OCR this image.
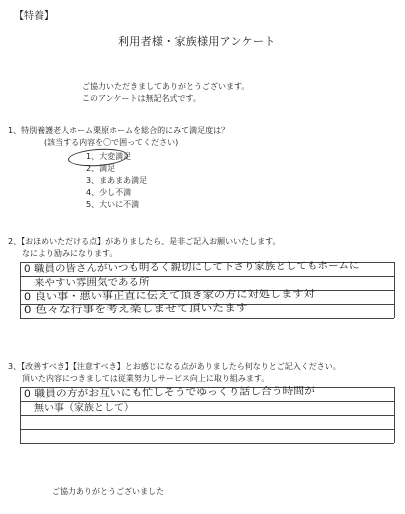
【特養】
利用者様・家族様用アンケート
ご協力いただきましてありがとうございます。
このアンケートは無記名式です。
1、特別養護老人ホーム栗原ホームを総合的にみて満足度は？
(該当する内容を〇で囲ってください)
1、大変満足
2、満足
3、まあまあ満足
4、少し不満
5、大いに不満
2、【おほめいただける点】がありましたら、是非ご記入お願いいたします。
なにより励みになります。
0 職員の皆さんがいつも明るく親切にして下さり家族としてもホームに
来やすい雰囲気である所
0 良い事・悪い事正直に伝えて頂き家の方に対処します対
0 色々な行事を考え楽しませて頂いたます
3、【改善すべき】【注意すべき】とお感じになる点がありましたら何なりとご記入ください。
頂いた内容につきましては従業努力しサービス向上に取り組みます。
0 職員の方がお互いにも忙しそうでゆっくり話し合う時間が
無い事（家族として）
ご協力ありがとうございました
